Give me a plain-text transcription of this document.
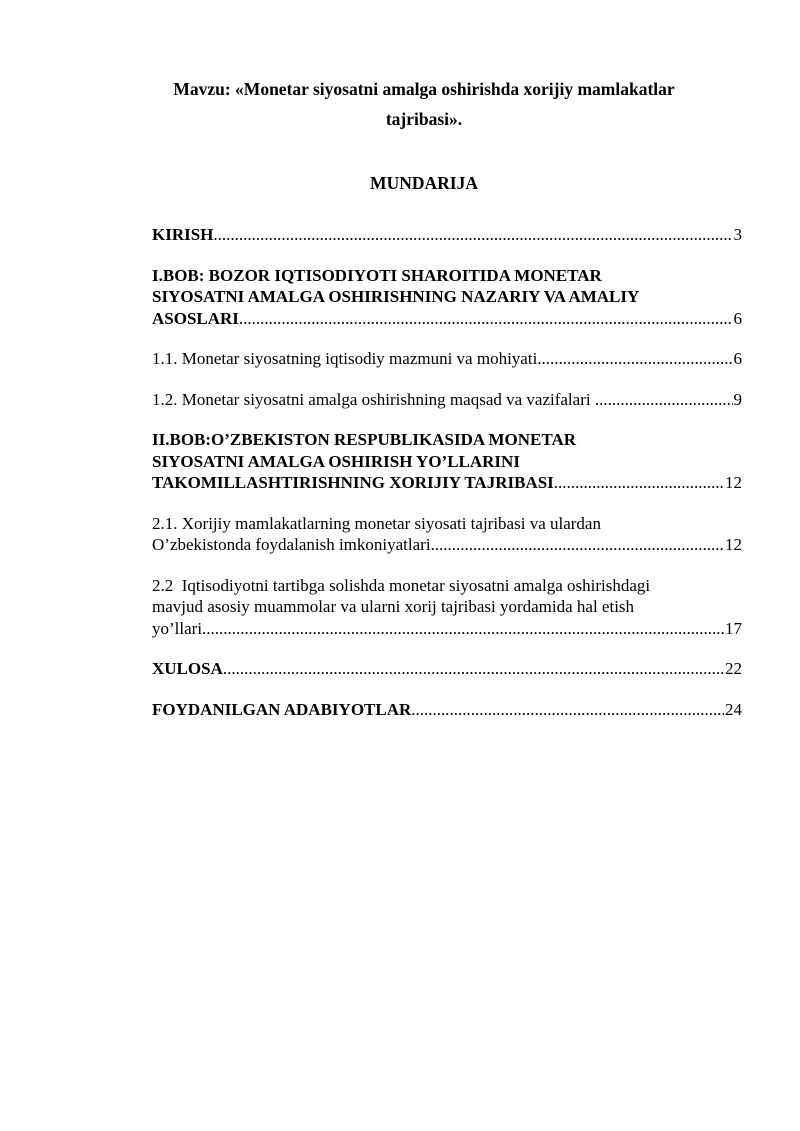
Mavzu: «Monetar siyosatni amalga oshirishda xorijiy mamlakatlar
tajribasi».
MUNDARIJA
KIRISH .....	3
I.BOB: BOZOR IQTISODIYOTI SHAROITIDA MONETAR
SIYOSATNI AMALGA OSHIRISHNING NAZARIY VA AMALIY
ASOSLARI .....	6
1.1. Monetar siyosatning iqtisodiy mazmuni va mohiyati .....	6
1.2. Monetar siyosatni amalga oshirishning maqsad va vazifalari .....	9
II.BOB:O’ZBEKISTON RESPUBLIKASIDA MONETAR
SIYOSATNI AMALGA OSHIRISH YO’LLARINI
TAKOMILLASHTIRISHNING XORIJIY TAJRIBASI .....	12
2.1. Xorijiy mamlakatlarning monetar siyosati tajribasi va ulardan
O’zbekistonda foydalanish imkoniyatlari .....	12
2.2  Iqtisodiyotni tartibga solishda monetar siyosatni amalga oshirishdagi
mavjud asosiy muammolar va ularni xorij tajribasi yordamida hal etish
yo’llari .....	17
XULOSA .....	22
FOYDANILGAN ADABIYOTLAR .....	24
